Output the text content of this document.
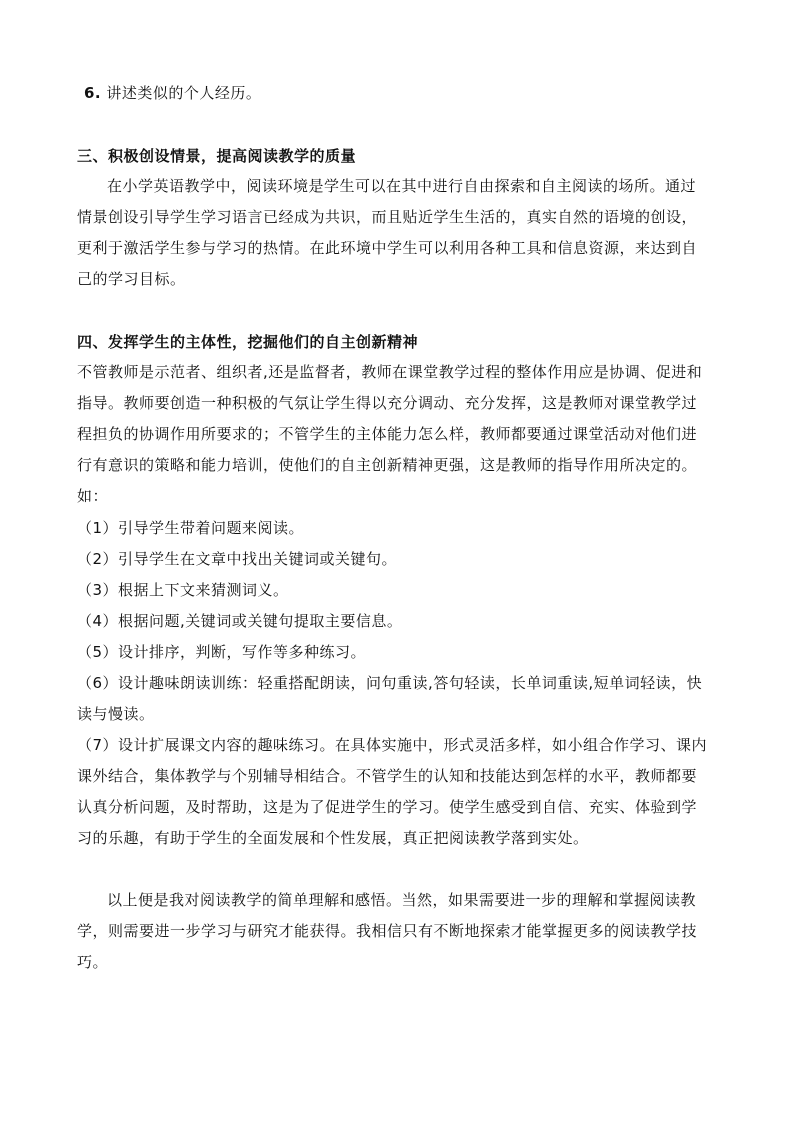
6. 讲述类似的个人经历。
三、积极创设情景，提高阅读教学的质量
在小学英语教学中，阅读环境是学生可以在其中进行自由探索和自主阅读的场所。通过
情景创设引导学生学习语言已经成为共识，而且贴近学生生活的，真实自然的语境的创设，
更利于激活学生参与学习的热情。在此环境中学生可以利用各种工具和信息资源，来达到自
己的学习目标。
四、发挥学生的主体性，挖掘他们的自主创新精神
不管教师是示范者、组织者,还是监督者，教师在课堂教学过程的整体作用应是协调、促进和
指导。教师要创造一种积极的气氛让学生得以充分调动、充分发挥，这是教师对课堂教学过
程担负的协调作用所要求的；不管学生的主体能力怎么样，教师都要通过课堂活动对他们进
行有意识的策略和能力培训，使他们的自主创新精神更强，这是教师的指导作用所决定的。
如：
（1）引导学生带着问题来阅读。
（2）引导学生在文章中找出关键词或关键句。
（3）根据上下文来猜测词义。
（4）根据问题,关键词或关键句提取主要信息。
（5）设计排序，判断，写作等多种练习。
（6）设计趣味朗读训练：轻重搭配朗读，问句重读,答句轻读，长单词重读,短单词轻读，快
读与慢读。
（7）设计扩展课文内容的趣味练习。在具体实施中，形式灵活多样，如小组合作学习、课内
课外结合，集体教学与个别辅导相结合。不管学生的认知和技能达到怎样的水平，教师都要
认真分析问题，及时帮助，这是为了促进学生的学习。使学生感受到自信、充实、体验到学
习的乐趣，有助于学生的全面发展和个性发展，真正把阅读教学落到实处。
以上便是我对阅读教学的简单理解和感悟。当然，如果需要进一步的理解和掌握阅读教
学，则需要进一步学习与研究才能获得。我相信只有不断地探索才能掌握更多的阅读教学技
巧。
